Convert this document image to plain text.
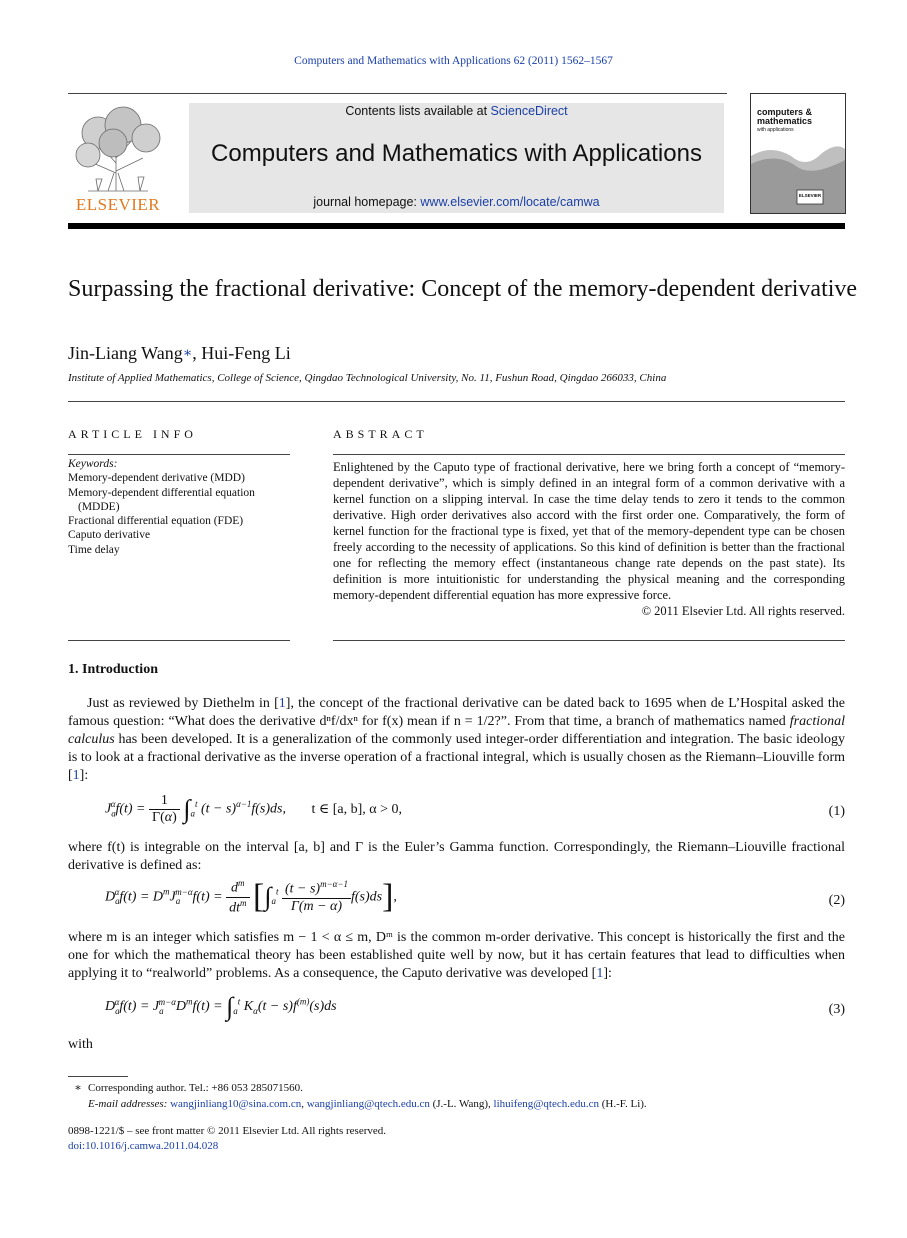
Computers and Mathematics with Applications 62 (2011) 1562–1567
ELSEVIER
Contents lists available at ScienceDirect
Computers and Mathematics with Applications
journal homepage: www.elsevier.com/locate/camwa
computers &
mathematics
with applications
ELSEVIER
Surpassing the fractional derivative: Concept of the memory-dependent derivative
Jin-Liang Wang∗, Hui-Feng Li
Institute of Applied Mathematics, College of Science, Qingdao Technological University, No. 11, Fushun Road, Qingdao 266033, China
ARTICLE INFO	ABSTRACT
Keywords:
Memory-dependent derivative (MDD)
Memory-dependent differential equation
(MDDE)
Fractional differential equation (FDE)
Caputo derivative
Time delay
Enlightened by the Caputo type of fractional derivative, here we bring forth a concept of “memory-dependent derivative”, which is simply defined in an integral form of a common derivative with a kernel function on a slipping interval. In case the time delay tends to zero it tends to the common derivative. High order derivatives also accord with the first order one. Comparatively, the form of kernel function for the fractional type is fixed, yet that of the memory-dependent type can be chosen freely according to the necessity of applications. So this kind of definition is better than the fractional one for reflecting the memory effect (instantaneous change rate depends on the past state). Its definition is more intuitionistic for understanding the physical meaning and the corresponding memory-dependent differential equation has more expressive force.
© 2011 Elsevier Ltd. All rights reserved.
1. Introduction
Just as reviewed by Diethelm in [1], the concept of the fractional derivative can be dated back to 1695 when de L’Hospital asked the famous question: “What does the derivative dⁿf/dxⁿ for f(x) mean if n = 1/2?”. From that time, a branch of mathematics named fractional calculus has been developed. It is a generalization of the commonly used integer-order differentiation and integration. The basic ideology is to look at a fractional derivative as the inverse operation of a fractional integral, which is usually chosen as the Riemann–Liouville form [1]:
$J_a^\alpha f(t) = \frac{1}{\Gamma(\alpha)} \int_a^t$ $(t - s)^{\alpha-1}f(s)ds$, t ∈ [a, b], α > 0,	(1)
where f(t) is integrable on the interval [a, b] and Γ is the Euler’s Gamma function. Correspondingly, the Riemann–Liouville fractional derivative is defined as:
$D_a^\alpha f(t) = D^mJ_a^{m-\alpha}f(t) = \frac{d^m}{dt^m} [\int_a^t \frac{(t - s)^{m-\alpha-1}}{\Gamma(m - \alpha)} f(s)ds]$,	(2)
where m is an integer which satisfies m − 1 < α ≤ m, Dᵐ is the common m-order derivative. This concept is historically the first and the one for which the mathematical theory has been established quite well by now, but it has certain features that lead to difficulties when applying it to “realworld” problems. As a consequence, the Caputo derivative was developed [1]:
$D_a^\alpha f(t) = J_a^{m-\alpha}D^mf(t) = \int_a^t$ $K_\alpha(t - s)f^{(m)}(s)ds$	(3)
with
∗ Corresponding author. Tel.: +86 053 285071560.
E-mail addresses: wangjinliang10@sina.com.cn, wangjinliang@qtech.edu.cn (J.-L. Wang), lihuifeng@qtech.edu.cn (H.-F. Li).
0898-1221/$ – see front matter © 2011 Elsevier Ltd. All rights reserved.
doi:10.1016/j.camwa.2011.04.028
